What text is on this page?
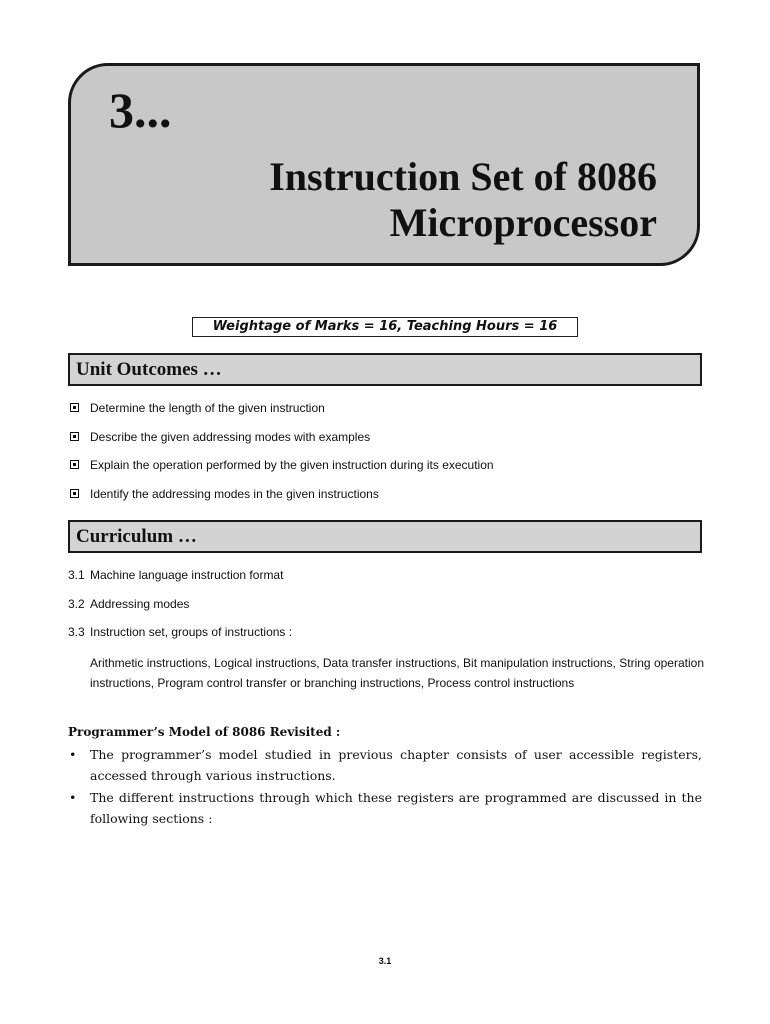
3...
Instruction Set of 8086
Microprocessor
Weightage of Marks = 16, Teaching Hours = 16
Unit Outcomes …
Determine the length of the given instruction
Describe the given addressing modes with examples
Explain the operation performed by the given instruction during its execution
Identify the addressing modes in the given instructions
Curriculum …
3.1 Machine language instruction format
3.2 Addressing modes
3.3 Instruction set, groups of instructions :
Arithmetic instructions, Logical instructions, Data transfer instructions, Bit manipulation instructions, String operation instructions, Program control transfer or branching instructions, Process control instructions
Programmer’s Model of 8086 Revisited :
• The programmer’s model studied in previous chapter consists of user accessible registers, accessed through various instructions.
• The different instructions through which these registers are programmed are discussed in the following sections :
3.1
